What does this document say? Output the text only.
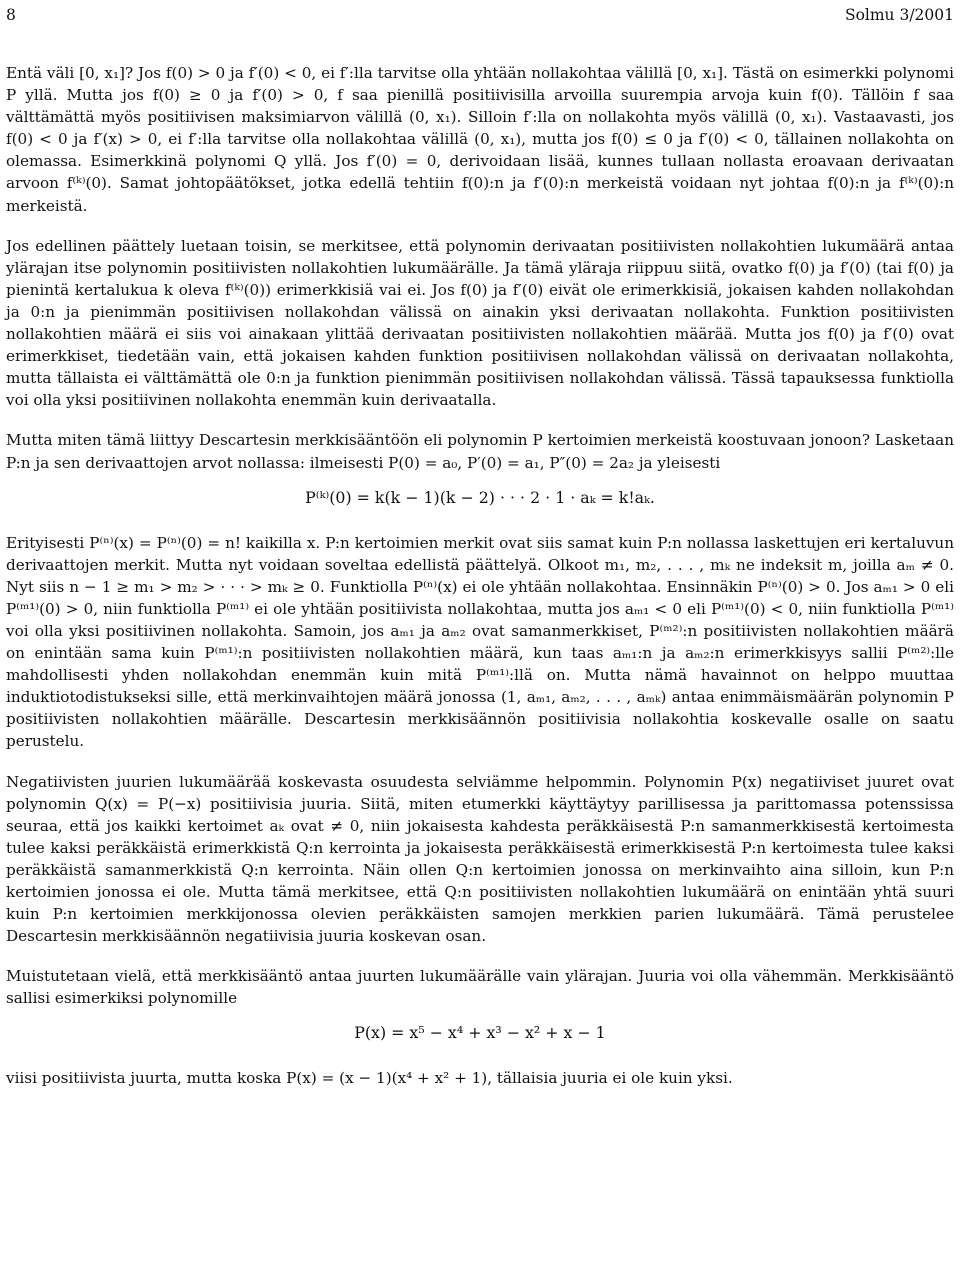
8	Solmu 3/2001

Entä väli [0, x₁]? Jos f(0) > 0 ja f′(0) < 0, ei f′:lla tarvitse olla yhtään nollakohtaa välillä [0, x₁]. Tästä on esimerkki polynomi P yllä. Mutta jos f(0) ≥ 0 ja f′(0) > 0, f saa pienillä positiivisilla arvoilla suurempia arvoja kuin f(0). Tällöin f saa välttämättä myös positiivisen maksimiarvon välillä (0, x₁). Silloin f′:lla on nollakohta myös välillä (0, x₁). Vastaavasti, jos f(0) < 0 ja f′(x) > 0, ei f′:lla tarvitse olla nollakohtaa välillä (0, x₁), mutta jos f(0) ≤ 0 ja f′(0) < 0, tällainen nollakohta on olemassa. Esimerkkinä polynomi Q yllä. Jos f′(0) = 0, derivoidaan lisää, kunnes tullaan nollasta eroavaan derivaatan arvoon f⁽ᵏ⁾(0). Samat johtopäätökset, jotka edellä tehtiin f(0):n ja f′(0):n merkeistä voidaan nyt johtaa f(0):n ja f⁽ᵏ⁾(0):n merkeistä.

Jos edellinen päättely luetaan toisin, se merkitsee, että polynomin derivaatan positiivisten nollakohtien lukumäärä antaa ylärajan itse polynomin positiivisten nollakohtien lukumäärälle. Ja tämä yläraja riippuu siitä, ovatko f(0) ja f′(0) (tai f(0) ja pienintä kertalukua k oleva f⁽ᵏ⁾(0)) erimerkkisiä vai ei. Jos f(0) ja f′(0) eivät ole erimerkkisiä, jokaisen kahden nollakohdan ja 0:n ja pienimmän positiivisen nollakohdan välissä on ainakin yksi derivaatan nollakohta. Funktion positiivisten nollakohtien määrä ei siis voi ainakaan ylittää derivaatan positiivisten nollakohtien määrää. Mutta jos f(0) ja f′(0) ovat erimerkkiset, tiedetään vain, että jokaisen kahden funktion positiivisen nollakohdan välissä on derivaatan nollakohta, mutta tällaista ei välttämättä ole 0:n ja funktion pienimmän positiivisen nollakohdan välissä. Tässä tapauksessa funktiolla voi olla yksi positiivinen nollakohta enemmän kuin derivaatalla.

Mutta miten tämä liittyy Descartesin merkkisääntöön eli polynomin P kertoimien merkeistä koostuvaan jonoon? Lasketaan P:n ja sen derivaattojen arvot nollassa: ilmeisesti P(0) = a₀, P′(0) = a₁, P″(0) = 2a₂ ja yleisesti

P⁽ᵏ⁾(0) = k(k − 1)(k − 2) · · · 2 · 1 · aₖ = k!aₖ.

Erityisesti P⁽ⁿ⁾(x) = P⁽ⁿ⁾(0) = n! kaikilla x. P:n kertoimien merkit ovat siis samat kuin P:n nollassa laskettujen eri kertaluvun derivaattojen merkit. Mutta nyt voidaan soveltaa edellistä päättelyä. Olkoot m₁, m₂, . . . , mₖ ne indeksit m, joilla aₘ ≠ 0. Nyt siis n − 1 ≥ m₁ > m₂ > · · · > mₖ ≥ 0. Funktiolla P⁽ⁿ⁾(x) ei ole yhtään nollakohtaa. Ensinnäkin P⁽ⁿ⁾(0) > 0. Jos aₘ₁ > 0 eli P⁽ᵐ¹⁾(0) > 0, niin funktiolla P⁽ᵐ¹⁾ ei ole yhtään positiivista nollakohtaa, mutta jos aₘ₁ < 0 eli P⁽ᵐ¹⁾(0) < 0, niin funktiolla P⁽ᵐ¹⁾ voi olla yksi positiivinen nollakohta. Samoin, jos aₘ₁ ja aₘ₂ ovat samanmerkkiset, P⁽ᵐ²⁾:n positiivisten nollakohtien määrä on enintään sama kuin P⁽ᵐ¹⁾:n positiivisten nollakohtien määrä, kun taas aₘ₁:n ja aₘ₂:n erimerkkisyys sallii P⁽ᵐ²⁾:lle mahdollisesti yhden nollakohdan enemmän kuin mitä P⁽ᵐ¹⁾:llä on. Mutta nämä havainnot on helppo muuttaa induktiotodistukseksi sille, että merkinvaihtojen määrä jonossa (1, aₘ₁, aₘ₂, . . . , aₘₖ) antaa enimmäismäärän polynomin P positiivisten nollakohtien määrälle. Descartesin merkkisäännön positiivisia nollakohtia koskevalle osalle on saatu perustelu.

Negatiivisten juurien lukumäärää koskevasta osuudesta selviämme helpommin. Polynomin P(x) negatiiviset juuret ovat polynomin Q(x) = P(−x) positiivisia juuria. Siitä, miten etumerkki käyttäytyy parillisessa ja parittomassa potenssissa seuraa, että jos kaikki kertoimet aₖ ovat ≠ 0, niin jokaisesta kahdesta peräkkäisestä P:n samanmerkkisestä kertoimesta tulee kaksi peräkkäistä erimerkkistä Q:n kerrointa ja jokaisesta peräkkäisestä erimerkkisestä P:n kertoimesta tulee kaksi peräkkäistä samanmerkkistä Q:n kerrointa. Näin ollen Q:n kertoimien jonossa on merkinvaihto aina silloin, kun P:n kertoimien jonossa ei ole. Mutta tämä merkitsee, että Q:n positiivisten nollakohtien lukumäärä on enintään yhtä suuri kuin P:n kertoimien merkkijonossa olevien peräkkäisten samojen merkkien parien lukumäärä. Tämä perustelee Descartesin merkkisäännön negatiivisia juuria koskevan osan.

Muistutetaan vielä, että merkkisääntö antaa juurten lukumäärälle vain ylärajan. Juuria voi olla vähemmän. Merkkisääntö sallisi esimerkiksi polynomille

P(x) = x⁵ − x⁴ + x³ − x² + x − 1

viisi positiivista juurta, mutta koska P(x) = (x − 1)(x⁴ + x² + 1), tällaisia juuria ei ole kuin yksi.
